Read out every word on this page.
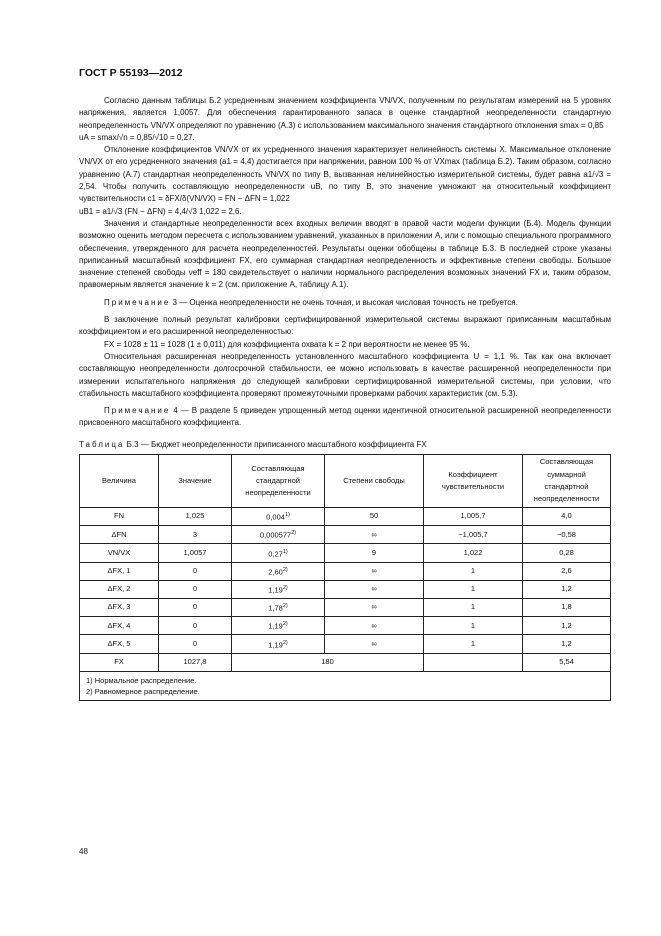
ГОСТ Р 55193—2012

Согласно данным таблицы Б.2 усредненным значением коэффициента VN/VX, полученным по результатам измерений на 5 уровнях напряжения, является 1,0057. Для обеспечения гарантированного запаса в оценке стандартной неопределенности стандартную неопределенность VN/VX определяют по уравнению (А.3) с использованием максимального значения стандартного отклонения smax = 0,85

uA = smax/√n = 0,85/√10 = 0,27.

Отклонение коэффициентов VN/VX от их усредненного значения характеризует нелинейность системы X. Максимальное отклонение VN/VX от его усредненного значения (a1 = 4,4) достигается при напряжении, равном 100 % от VXmax (таблица Б.2). Таким образом, согласно уравнению (А.7) стандартная неопределенность VN/VX по типу В, вызванная нелинейностью измерительной системы, будет равна a1/√3 = 2,54. Чтобы получить составляющую неопределенности uB, по типу В, это значение умножают на относительный коэффициент чувствительности c1 = δFX/δ(VN/VX) = FN − ΔFN = 1,022

uB1 = a1/√3 (FN − ΔFN) = 4,4/√3 1,022 = 2,6.

Значения и стандартные неопределенности всех входных величин вводят в правой части модели функции (Б.4). Модель функции возможно оценить методом пересчета с использованием уравнений, указанных в приложении А, или с помощью специального программного обеспечения, утвержденного для расчета неопределенностей. Результаты оценки обобщены в таблице Б.3. В последней строке указаны приписанный масштабный коэффициент FX, его суммарная стандартная неопределенность и эффективные степени свободы. Большое значение степеней свободы νeff = 180 свидетельствует о наличии нормального распределения возможных значений FX и, таким образом, правомерным является значение k = 2 (см. приложение А, таблицу А.1).

Примечание 3 — Оценка неопределенности не очень точная, и высокая числовая точность не требуется.

В заключение полный результат калибровки сертифицированной измерительной системы выражают приписанным масштабным коэффициентом и его расширенной неопределенностью:

FX = 1028 ± 11 = 1028 (1 ± 0,011) для коэффициента охвата k = 2 при вероятности не менее 95 %.

Относительная расширенная неопределенность установленного масштабного коэффициента U = 1,1 %. Так как она включает составляющую неопределенности долгосрочной стабильности, ее можно использовать в качестве расширенной неопределенности при измерении испытательного напряжения до следующей калибровки сертифицированной измерительной системы, при условии, что стабильность масштабного коэффициента проверяют промежуточными проверками рабочих характеристик (см. 5.3).

Примечание 4 — В разделе 5 приведен упрощенный метод оценки идентичной относительной расширенной неопределенности присвоенного масштабного коэффициента.

Таблица Б.3 — Бюджет неопределенности приписанного масштабного коэффициента FX

Величина	Значение	Составляющая стандартной неопределенности	Степени свободы	Коэффициент чувствительности	Составляющая суммарной стандартной неопределенности
FN	1,025	0,004$^{1)}$	50	1,005,7	4,0
ΔFN	3	0,000577$^{2)}$	∞	−1,005,7	−0,58
VN/VX	1,0057	0,27$^{1)}$	9	1,022	0,28
ΔFX, 1	0	2,60$^{2)}$	∞	1	2,6
ΔFX, 2	0	1,19$^{2)}$	∞	1	1,2
ΔFX, 3	0	1,78$^{2)}$	∞	1	1,8
ΔFX, 4	0	1,19$^{2)}$	∞	1	1,2
ΔFX, 5	0	1,19$^{2)}$	∞	1	1,2
FX	1027,8	180			5,54

1) Нормальное распределение.
2) Равномерное распределение.					
48
